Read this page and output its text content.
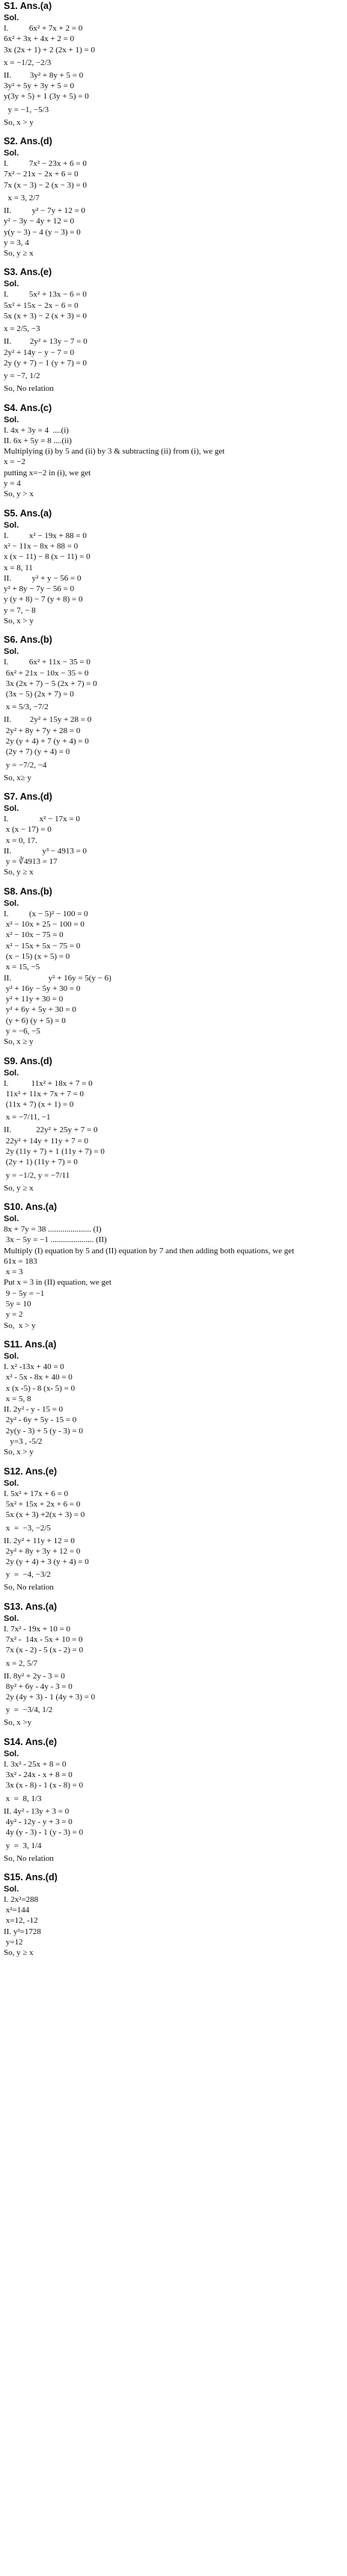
S1. Ans.(a)
Sol.
I.          6x² + 7x + 2 = 0
6x² + 3x + 4x + 2 = 0
3x (2x + 1) + 2 (2x + 1) = 0
x = −1/2, −2/3
II.         3y² + 8y + 5 = 0
3y² + 5y + 3y + 5 = 0
y(3y + 5) + 1 (3y + 5) = 0
y = −1, −5/3
So, x > y
S2. Ans.(d)
Sol.
I.          7x² − 23x + 6 = 0
7x² − 21x − 2x + 6 = 0
7x (x − 3) − 2 (x − 3) = 0
x = 3, 2/7
II.          y² − 7y + 12 = 0
y² − 3y − 4y + 12 = 0
y(y − 3) − 4 (y − 3) = 0
y = 3, 4
So, y ≥ x
S3. Ans.(e)
Sol.
I.          5x² + 13x − 6 = 0
5x² + 15x − 2x − 6 = 0
5x (x + 3) − 2 (x + 3) = 0
x = 2/5, −3
II.         2y² + 13y − 7 = 0
2y² + 14y − y − 7 = 0
2y (y + 7) − 1 (y + 7) = 0
y = −7, 1/2
So, No relation
S4. Ans.(c)
Sol.
I. 4x + 3y = 4  ....(i)
II. 6x + 5y = 8 ....(ii)
Multiplying (i) by 5 and (ii) by 3 & subtracting (ii) from (i), we get
x = −2
putting x=−2 in (i), we get
y = 4
So, y > x
S5. Ans.(a)
Sol.
I.          x² − 19x + 88 = 0
x² − 11x − 8x + 88 = 0
x (x − 11) − 8 (x − 11) = 0
x = 8, 11
II.          y² + y − 56 = 0
y² + 8y − 7y − 56 = 0
y (y + 8) − 7 (y + 8) = 0
y = 7, − 8
So, x > y
S6. Ans.(b)
Sol.
I.          6x² + 11x − 35 = 0
6x² + 21x − 10x − 35 = 0
3x (2x + 7) − 5 (2x + 7) = 0
(3x − 5) (2x + 7) = 0
x = 5/3, −7/2
II.         2y² + 15y + 28 = 0
2y² + 8y + 7y + 28 = 0
2y (y + 4) + 7 (y + 4) = 0
(2y + 7) (y + 4) = 0
y = −7/2, −4
So, x≥ y
S7. Ans.(d)
Sol.
I.               x² − 17x = 0
x (x − 17) = 0
x = 0, 17.
II.               y³ − 4913 = 0
y = ∛4913 = 17
So, y ≥ x
S8. Ans.(b)
Sol.
I.          (x − 5)² − 100 = 0
x² − 10x + 25 − 100 = 0
x² − 10x − 75 = 0
x² − 15x + 5x − 75 = 0
(x − 15) (x + 5) = 0
x = 15, −5
II.                  y² + 16y = 5(y − 6)
y² + 16y − 5y + 30 = 0
y² + 11y + 30 = 0
y² + 6y + 5y + 30 = 0
(y + 6) (y + 5) = 0
y = −6, −5
So, x ≥ y
S9. Ans.(d)
Sol.
I.           11x² + 18x + 7 = 0
11x² + 11x + 7x + 7 = 0
(11x + 7) (x + 1) = 0
x = −7/11, −1
II.            22y² + 25y + 7 = 0
22y² + 14y + 11y + 7 = 0
2y (11y + 7) + 1 (11y + 7) = 0
(2y + 1) (11y + 7) = 0
y = −1/2, y = −7/11
So, y ≥ x
S10. Ans.(a)
Sol.
8x + 7y = 38 ..................... (I)
3x − 5y = −1 ..................... (II)
Multiply (I) equation by 5 and (II) equation by 7 and then adding both equations, we get
61x = 183
x = 3
Put x = 3 in (II) equation, we get
9 − 5y = −1
5y = 10
y = 2
So,  x > y
S11. Ans.(a)
Sol.
I. x² -13x + 40 = 0
x² - 5x - 8x + 40 = 0
x (x -5) - 8 (x- 5) = 0
x = 5, 8
II. 2y² - y - 15 = 0
2y² - 6y + 5y - 15 = 0
2y(y - 3) + 5 (y - 3) = 0
y=3 , -5/2
So, x > y
S12. Ans.(e)
Sol.
I. 5x² + 17x + 6 = 0
5x² + 15x + 2x + 6 = 0
5x (x + 3) +2(x + 3) = 0
x  =  −3, −2/5
II. 2y² + 11y + 12 = 0
2y² + 8y + 3y + 12 = 0
2y (y + 4) + 3 (y + 4) = 0
y  =  −4, −3/2
So, No relation
S13. Ans.(a)
Sol.
I. 7x² - 19x + 10 = 0
7x² -  14x - 5x + 10 = 0
7x (x - 2) - 5 (x - 2) = 0
x = 2, 5/7
II. 8y² + 2y - 3 = 0
8y² + 6y - 4y - 3 = 0
2y (4y + 3) - 1 (4y + 3) = 0
y  =  −3/4, 1/2
So, x >y
S14. Ans.(e)
Sol.
I. 3x² - 25x + 8 = 0
3x² - 24x - x + 8 = 0
3x (x - 8) - 1 (x - 8) = 0
x  =  8, 1/3
II. 4y² - 13y + 3 = 0
4y² - 12y - y + 3 = 0
4y (y - 3) - 1 (y - 3) = 0
y  =  3, 1/4
So, No relation
S15. Ans.(d)
Sol.
I. 2x²=288
x²=144
x=12, -12
II. y³=1728
y=12
So, y ≥ x
